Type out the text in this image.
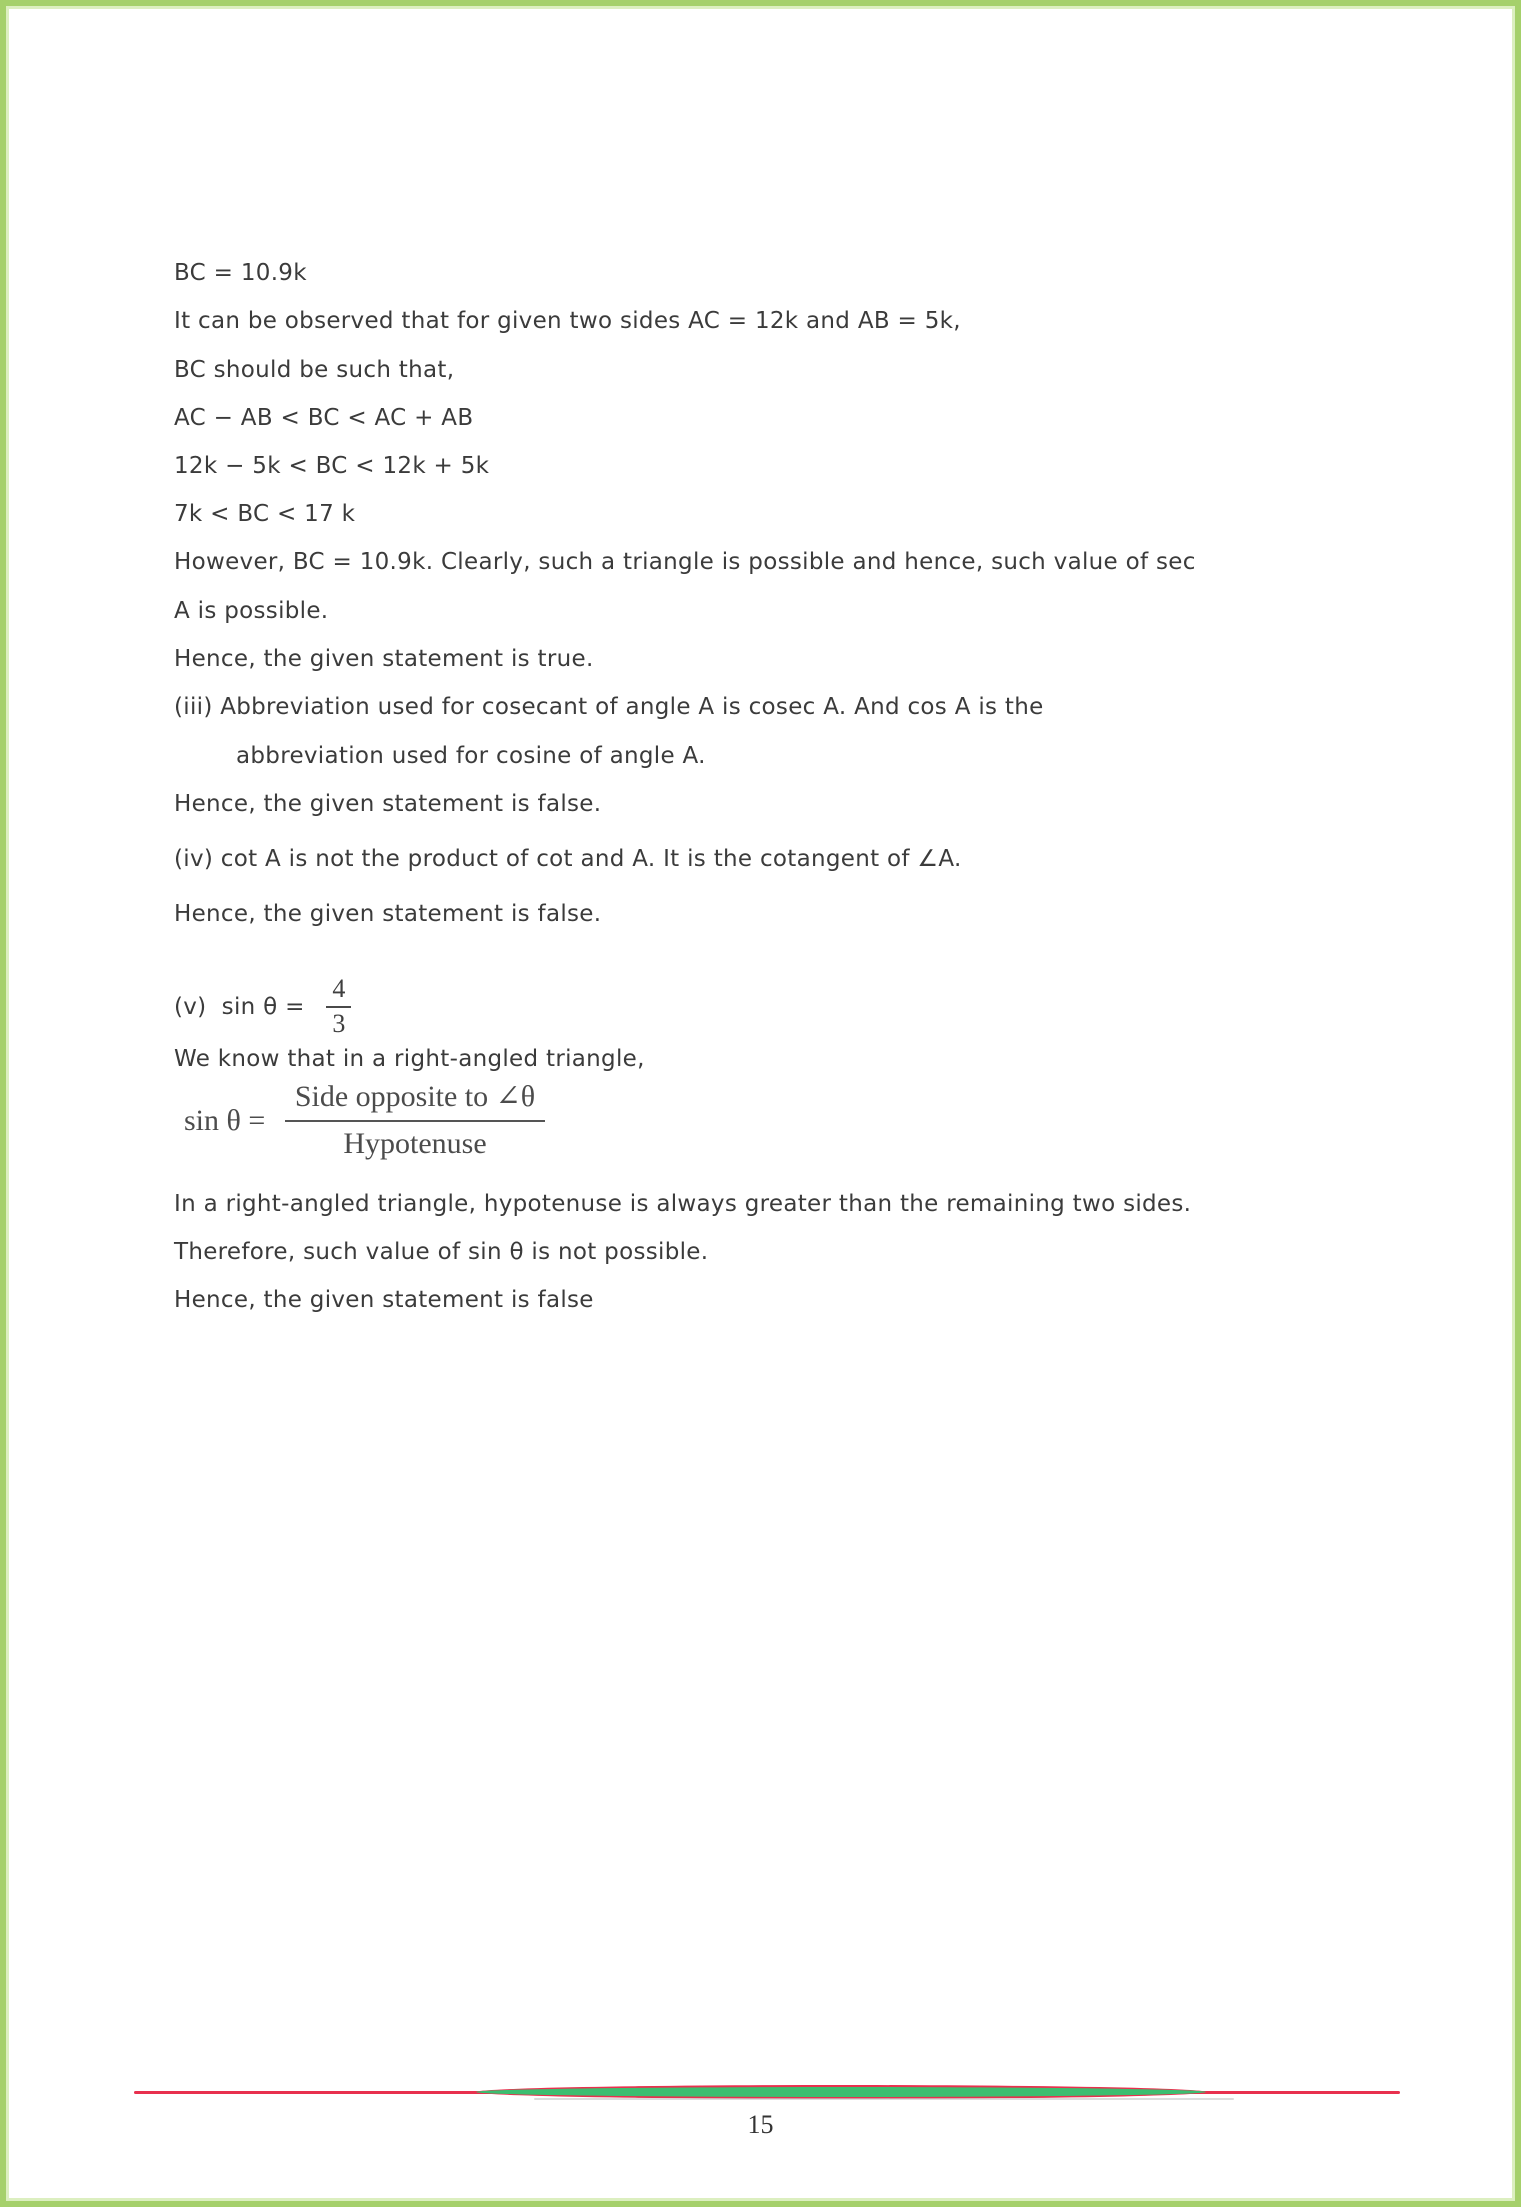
BC = 10.9k
It can be observed that for given two sides AC = 12k and AB = 5k,
BC should be such that,
AC − AB < BC < AC + AB
12k − 5k < BC < 12k + 5k
7k < BC < 17 k
However, BC = 10.9k. Clearly, such a triangle is possible and hence, such value of sec
A is possible.
Hence, the given statement is true.
(iii) Abbreviation used for cosecant of angle A is cosec A. And cos A is the
abbreviation used for cosine of angle A.
Hence, the given statement is false.
(iv) cot A is not the product of cot and A. It is the cotangent of ∠A.
Hence, the given statement is false.
(v)  $\sin \theta = \frac{4}{3}$
We know that in a right-angled triangle,
$\sin \theta = \frac{\text{Side opposite to ∠θ}}{\text{Hypotenuse}}$
In a right-angled triangle, hypotenuse is always greater than the remaining two sides.
Therefore, such value of sin θ is not possible.
Hence, the given statement is false
15
